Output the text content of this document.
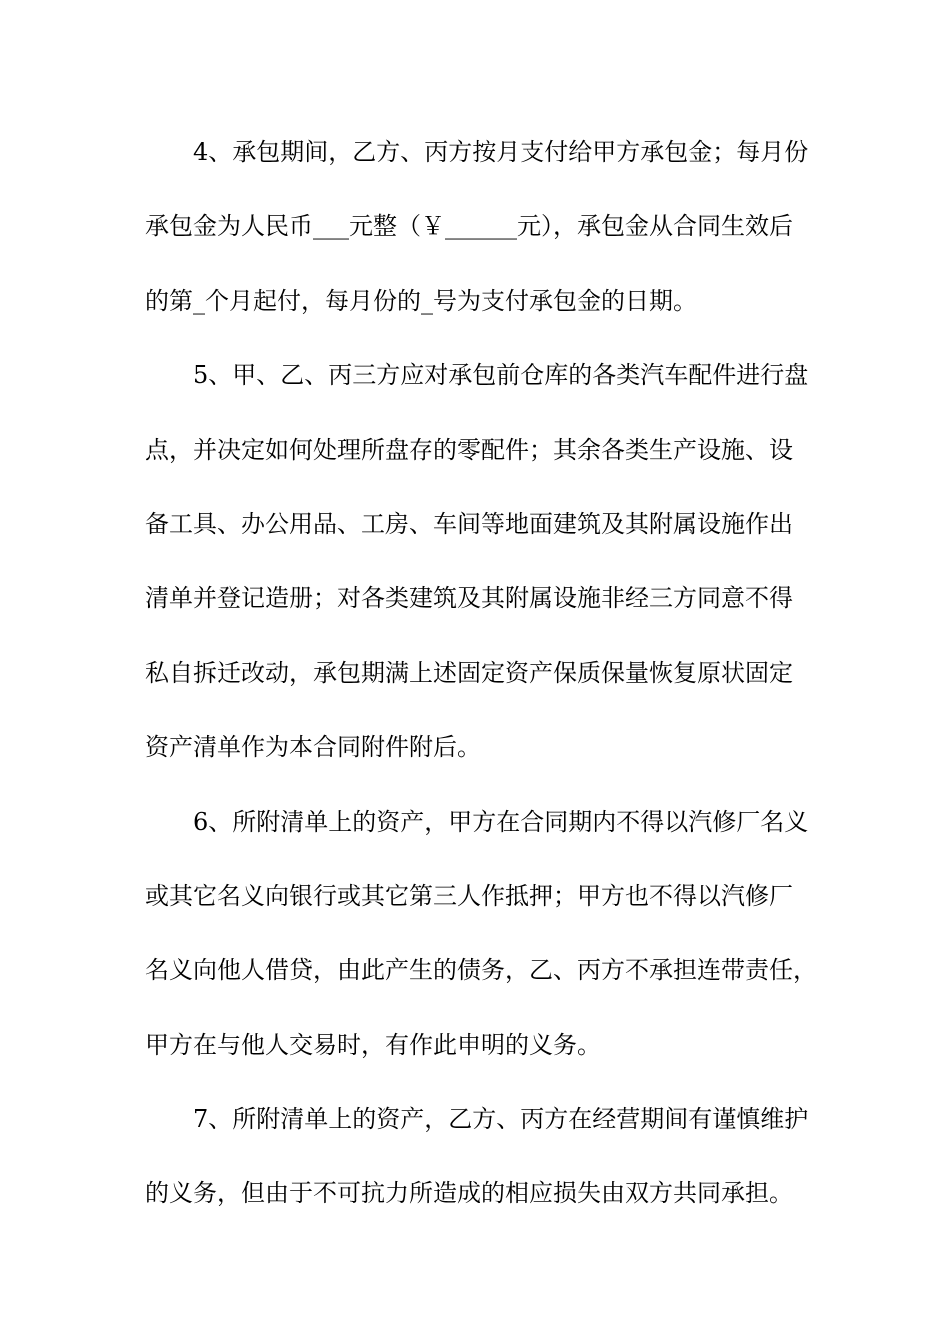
4、承包期间，乙方、丙方按月支付给甲方承包金；每月份
承包金为人民币___元整（￥______元），承包金从合同生效后
的第_个月起付，每月份的_号为支付承包金的日期。

5、甲、乙、丙三方应对承包前仓库的各类汽车配件进行盘
点，并决定如何处理所盘存的零配件；其余各类生产设施、设
备工具、办公用品、工房、车间等地面建筑及其附属设施作出
清单并登记造册；对各类建筑及其附属设施非经三方同意不得
私自拆迁改动，承包期满上述固定资产保质保量恢复原状固定
资产清单作为本合同附件附后。

6、所附清单上的资产，甲方在合同期内不得以汽修厂名义
或其它名义向银行或其它第三人作抵押；甲方也不得以汽修厂
名义向他人借贷，由此产生的债务，乙、丙方不承担连带责任，
甲方在与他人交易时，有作此申明的义务。

7、所附清单上的资产，乙方、丙方在经营期间有谨慎维护
的义务，但由于不可抗力所造成的相应损失由双方共同承担。
